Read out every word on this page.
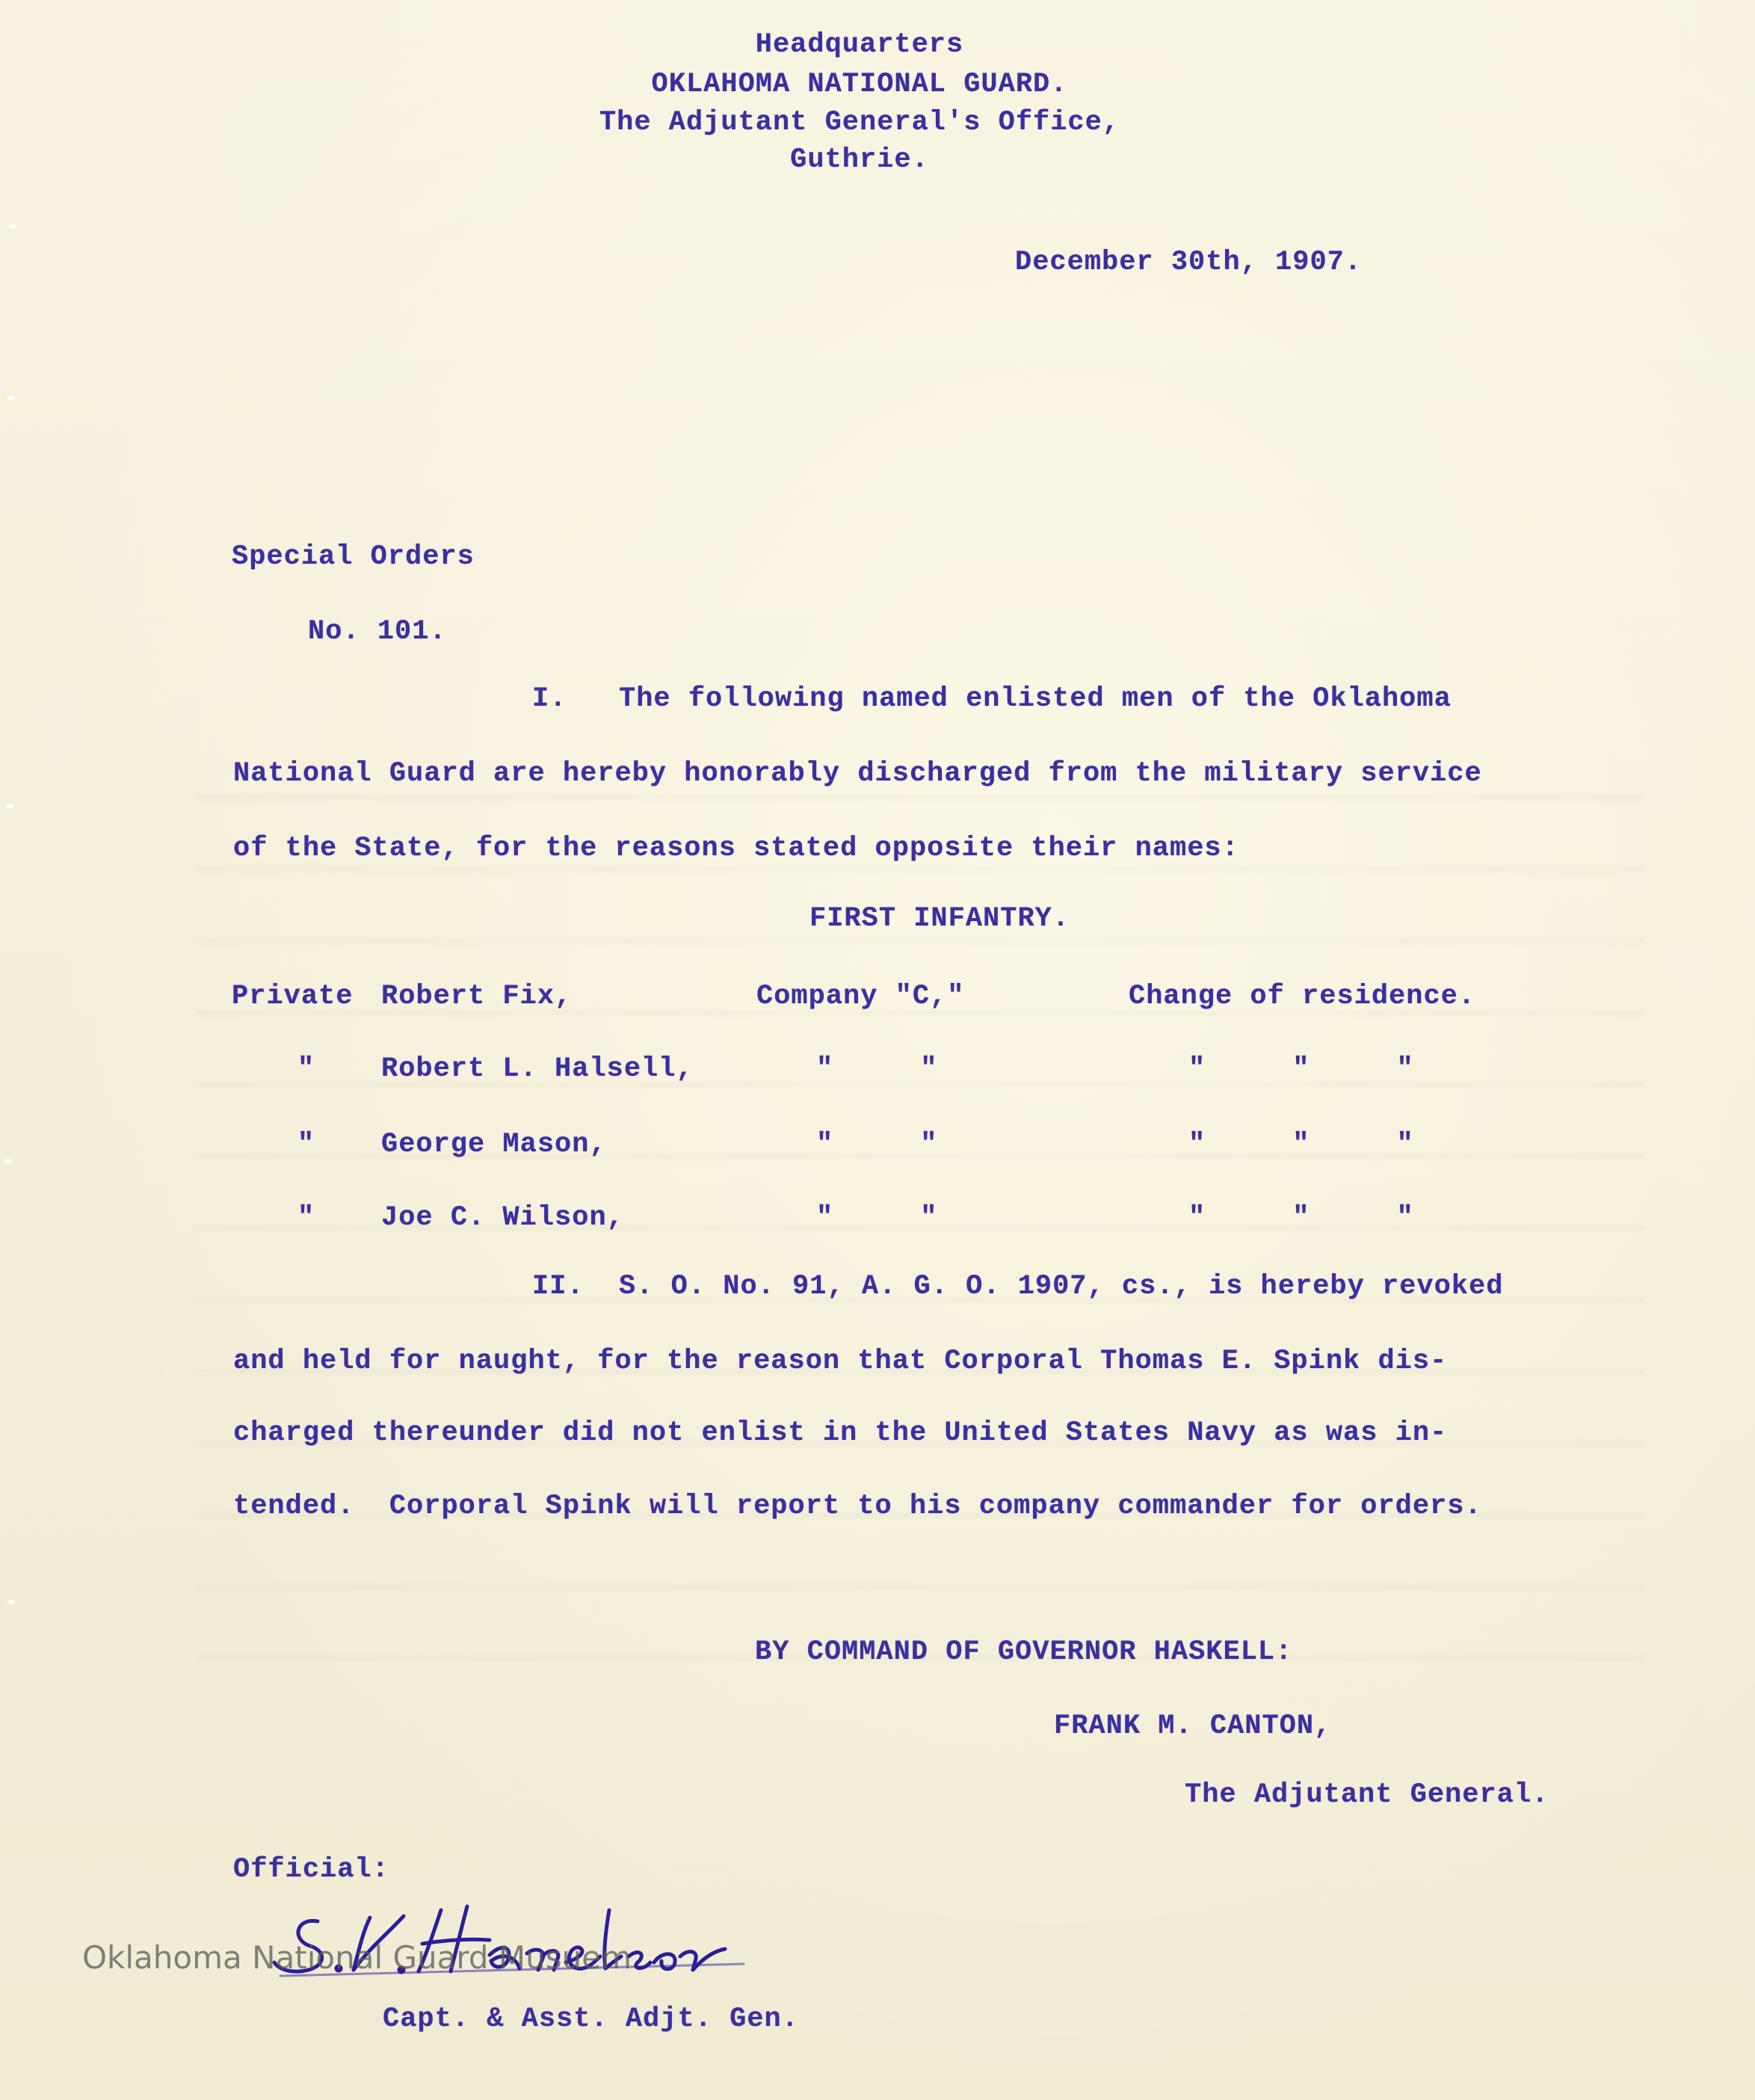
Headquarters
OKLAHOMA NATIONAL GUARD.
The Adjutant General's Office,
Guthrie.
December 30th, 1907.
Special Orders
No. 101.
I.   The following named enlisted men of the Oklahoma
National Guard are hereby honorably discharged from the military service
of the State, for the reasons stated opposite their names:
FIRST INFANTRY.
Private Robert Fix,	Company "C,"	Change of residence.
" Robert L. Halsell,	"     "	"     "     "
" George Mason,	"     "	"     "     "
" Joe C. Wilson,	"     "	"     "     "
II.  S. O. No. 91, A. G. O. 1907, cs., is hereby revoked
and held for naught, for the reason that Corporal Thomas E. Spink dis-
charged thereunder did not enlist in the United States Navy as was in-
tended.  Corporal Spink will report to his company commander for orders.
BY COMMAND OF GOVERNOR HASKELL:
FRANK M. CANTON,
The Adjutant General.
Official:
Capt. & Asst. Adjt. Gen.
Oklahoma National Guard Musuem
